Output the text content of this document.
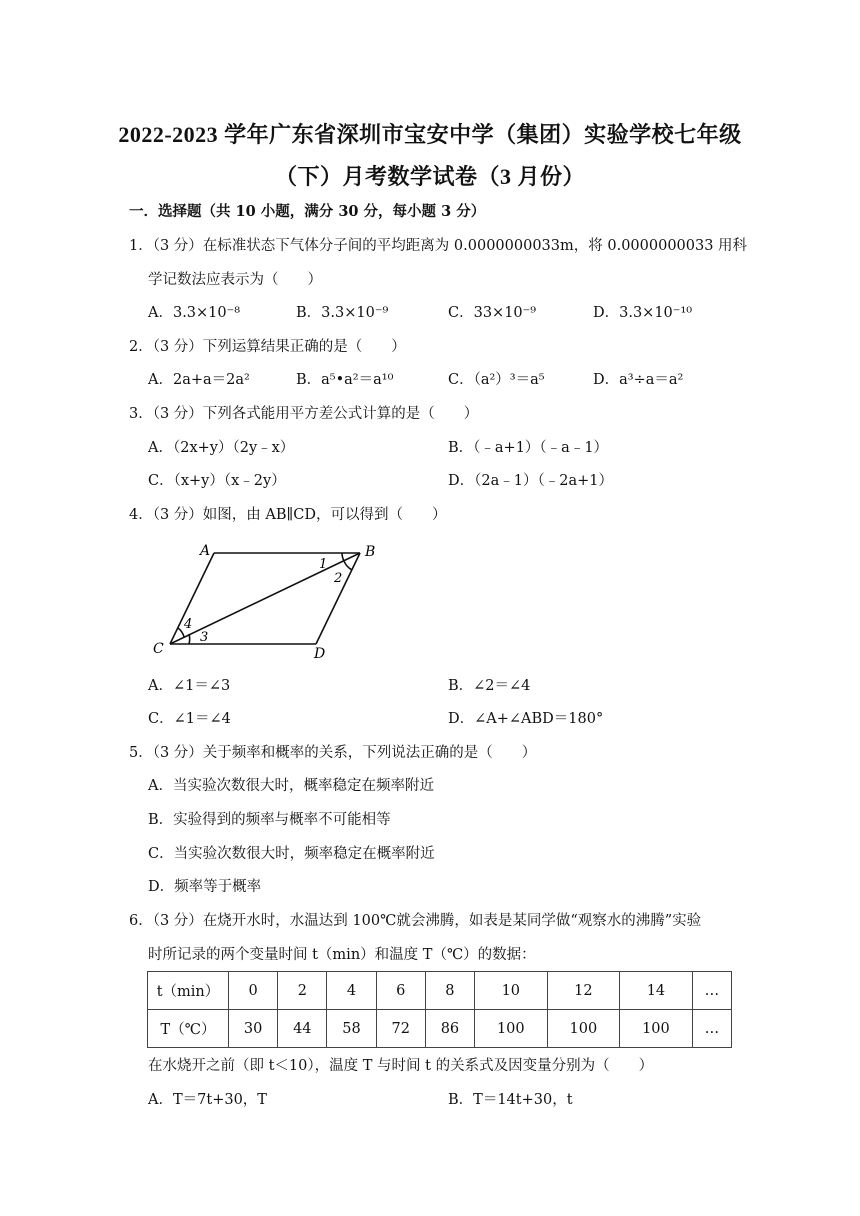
2022-2023 学年广东省深圳市宝安中学（集团）实验学校七年级
（下）月考数学试卷（3 月份）
一．选择题（共 10 小题，满分 30 分，每小题 3 分）
1．（3 分）在标准状态下气体分子间的平均距离为 0.0000000033m，将 0.0000000033 用科
学记数法应表示为（　　）
A．3.3×10⁻⁸	B．3.3×10⁻⁹	C．33×10⁻⁹	D．3.3×10⁻¹⁰
2．（3 分）下列运算结果正确的是（　　）
A．2a+a＝2a²	B．a⁵•a²＝a¹⁰	C．（a²）³＝a⁵	D．a³÷a＝a²
3．（3 分）下列各式能用平方差公式计算的是（　　）
A．（2x+y）（2y﹣x）	B．（﹣a+1）（﹣a﹣1）
C．（x+y）（x﹣2y）	D．（2a﹣1）（﹣2a+1）
4．（3 分）如图，由 AB∥CD，可以得到（　　）
A	B
C	D
1
2
3
4
A．∠1＝∠3	B．∠2＝∠4
C．∠1＝∠4	D．∠A+∠ABD＝180°
5．（3 分）关于频率和概率的关系，下列说法正确的是（　　）
A．当实验次数很大时，概率稳定在频率附近
B．实验得到的频率与概率不可能相等
C．当实验次数很大时，频率稳定在概率附近
D．频率等于概率
6．（3 分）在烧开水时，水温达到 100℃就会沸腾，如表是某同学做“观察水的沸腾”实验
时所记录的两个变量时间 t（min）和温度 T（℃）的数据：
t（min）	0	2	4	6	8	10	12	14	…
T（℃）	30	44	58	72	86	100	100	100	…
在水烧开之前（即 t＜10），温度 T 与时间 t 的关系式及因变量分别为（　　）
A．T＝7t+30，T	B．T＝14t+30，t
